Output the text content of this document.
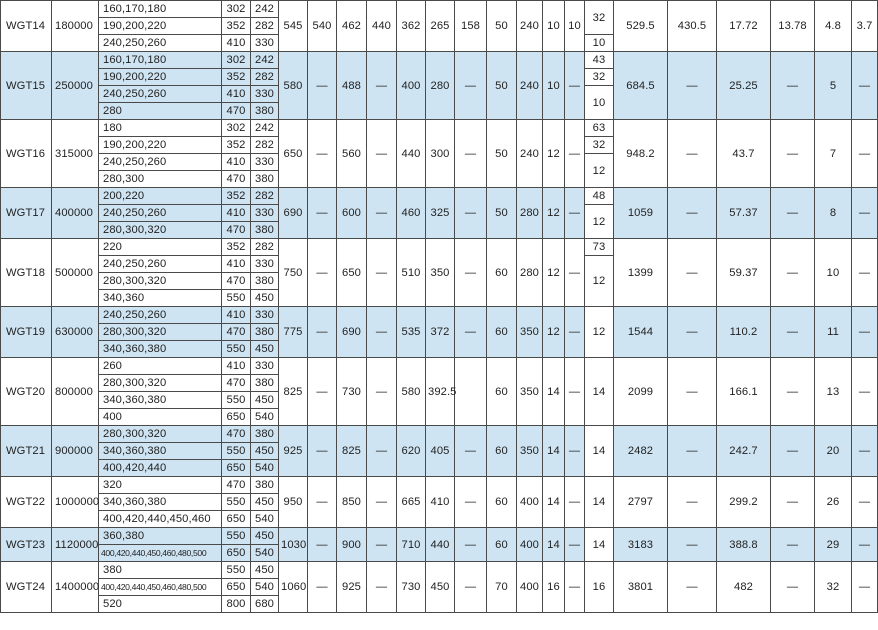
WGT14	180000	160,170,180	302	242	545	540	462	440	362	265	158	50	240	10	10	32	529.5	430.5	17.72	13.78	4.8	3.7
		190,200,220	352	282																		
		240,250,260	410	330												10						
WGT15	250000	160,170,180	302	242	580	—	488	—	400	280	—	50	240	10	—	43	684.5	—	25.25	—	5	—
		190,200,220	352	282												32						
		240,250,260	410	330												10						
		280	470	380																		
WGT16	315000	180	302	242	650	—	560	—	440	300	—	50	240	12	—	63	948.2	—	43.7	—	7	—
		190,200,220	352	282												32						
		240,250,260	410	330												12						
		280,300	470	380																		
WGT17	400000	200,220	352	282	690	—	600	—	460	325	—	50	280	12	—	48	1059	—	57.37	—	8	—
		240,250,260	410	330												12						
		280,300,320	470	380																		
WGT18	500000	220	352	282	750	—	650	—	510	350	—	60	280	12	—	73	1399	—	59.37	—	10	—
		240,250,260	410	330												12						
		280,300,320	470	380																		
		340,360	550	450																		
WGT19	630000	240,250,260	410	330	775	—	690	—	535	372	—	60	350	12	—	12	1544	—	110.2	—	11	—
		280,300,320	470	380																		
		340,360,380	550	450																		
WGT20	800000	260	410	330	825	—	730	—	580	392.5		60	350	14	—	14	2099	—	166.1	—	13	—
		280,300,320	470	380																		
		340,360,380	550	450																		
		400	650	540																		
WGT21	900000	280,300,320	470	380	925	—	825	—	620	405	—	60	350	14	—	14	2482	—	242.7	—	20	—
		340,360,380	550	450																		
		400,420,440	650	540																		
WGT22	1000000	320	470	380	950	—	850	—	665	410	—	60	400	14	—	14	2797	—	299.2	—	26	—
		340,360,380	550	450																		
		400,420,440,450,460	650	540																		
WGT23	1120000	360,380	550	450	1030	—	900	—	710	440	—	60	400	14	—	14	3183	—	388.8	—	29	—
		400,420,440,450,460,480,500	650	540																		
WGT24	1400000	380	550	450	1060	—	925	—	730	450	—	70	400	16	—	16	3801	—	482	—	32	—
		400,420,440,450,460,480,500	650	540																		
		520	800	680																		
